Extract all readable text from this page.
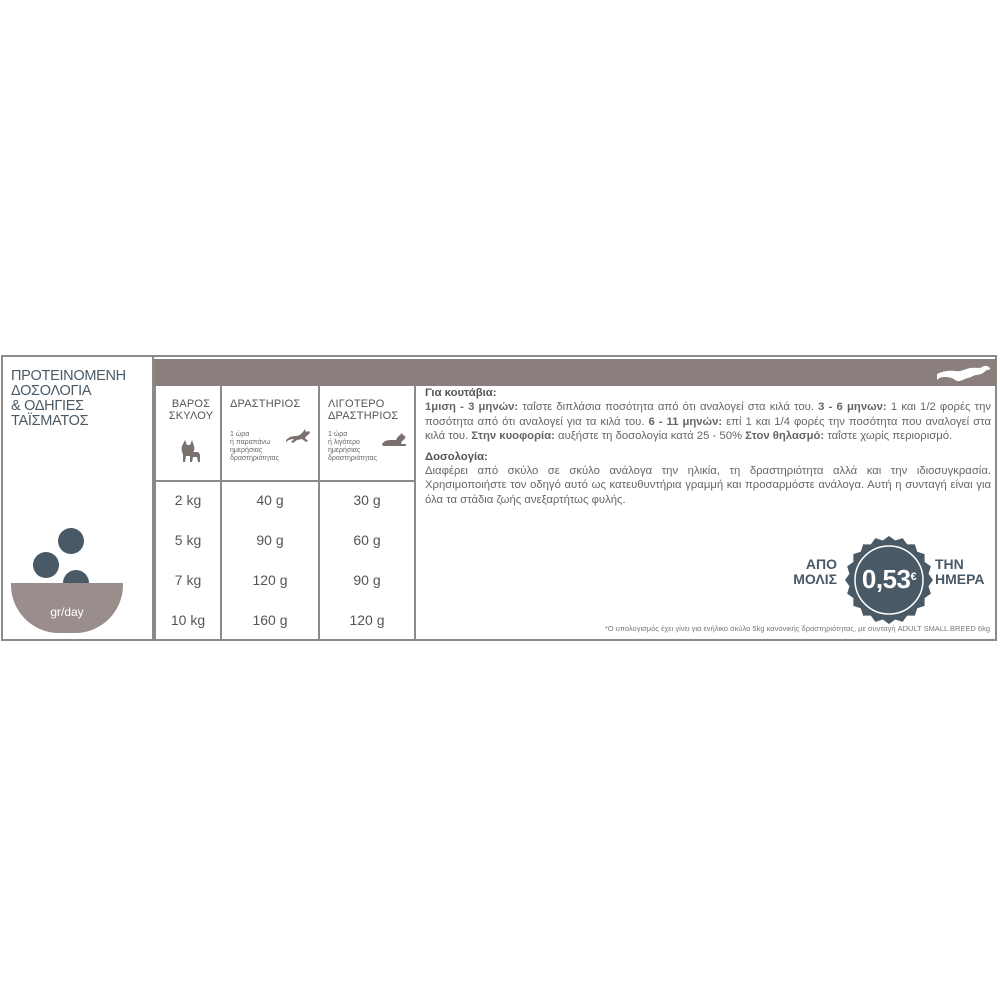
ΠΡΟΤΕΙΝΟΜΕΝΗ
ΔΟΣΟΛΟΓΙΑ
& ΟΔΗΓΙΕΣ
ΤΑΪΣΜΑΤΟΣ
gr/day
ΒΑΡΟΣ
ΣΚΥΛΟΥ
2 kg
5 kg
7 kg
10 kg
ΔΡΑΣΤΗΡΙΟΣ
1 ώρα
ή παραπάνω
ημερήσιας
δραστηριότητας
40 g
90 g
120 g
160 g
ΛΙΓΟΤΕΡΟ
ΔΡΑΣΤΗΡΙΟΣ
1 ώρα
ή λιγότερο
ημερήσιας
δραστηριότητας
30 g
60 g
90 g
120 g
Για κουτάβια:
1μιση - 3 μηνών: ταΐστε διπλάσια ποσότητα από ότι αναλογεί στα κιλά του. 3 - 6 μηνων: 1 και 1/2 φορές την ποσότητα από ότι αναλογεί για τα κιλά του. 6 - 11 μηνών: επί 1 και 1/4 φορές την ποσότητα που αναλογεί στα κιλά του. Στην κυοφορία: αυξήστε τη δοσολογία κατά 25 - 50% Στον θηλασμό: ταΐστε χωρίς περιορισμό.
Δοσολογία:
Διαφέρει από σκύλο σε σκύλο ανάλογα την ηλικία, τη δραστηριότητα αλλά και την ιδιοσυγκρασία. Χρησιμοποιήστε τον οδηγό αυτό ως κατευθυντήρια γραμμή και προσαρμόστε ανάλογα. Αυτή η συνταγή είναι για όλα τα στάδια ζωής ανεξαρτήτως φυλής.
ΑΠΟ
ΜΟΛΙΣ 0,53€
ΤΗΝ
ΗΜΕΡΑ
*Ο υπολογισμός έχει γίνει για ενήλικο σκύλο 5kg κανονικής δραστηριότητας, με συνταγή ADULT SMALL BREED 6kg
